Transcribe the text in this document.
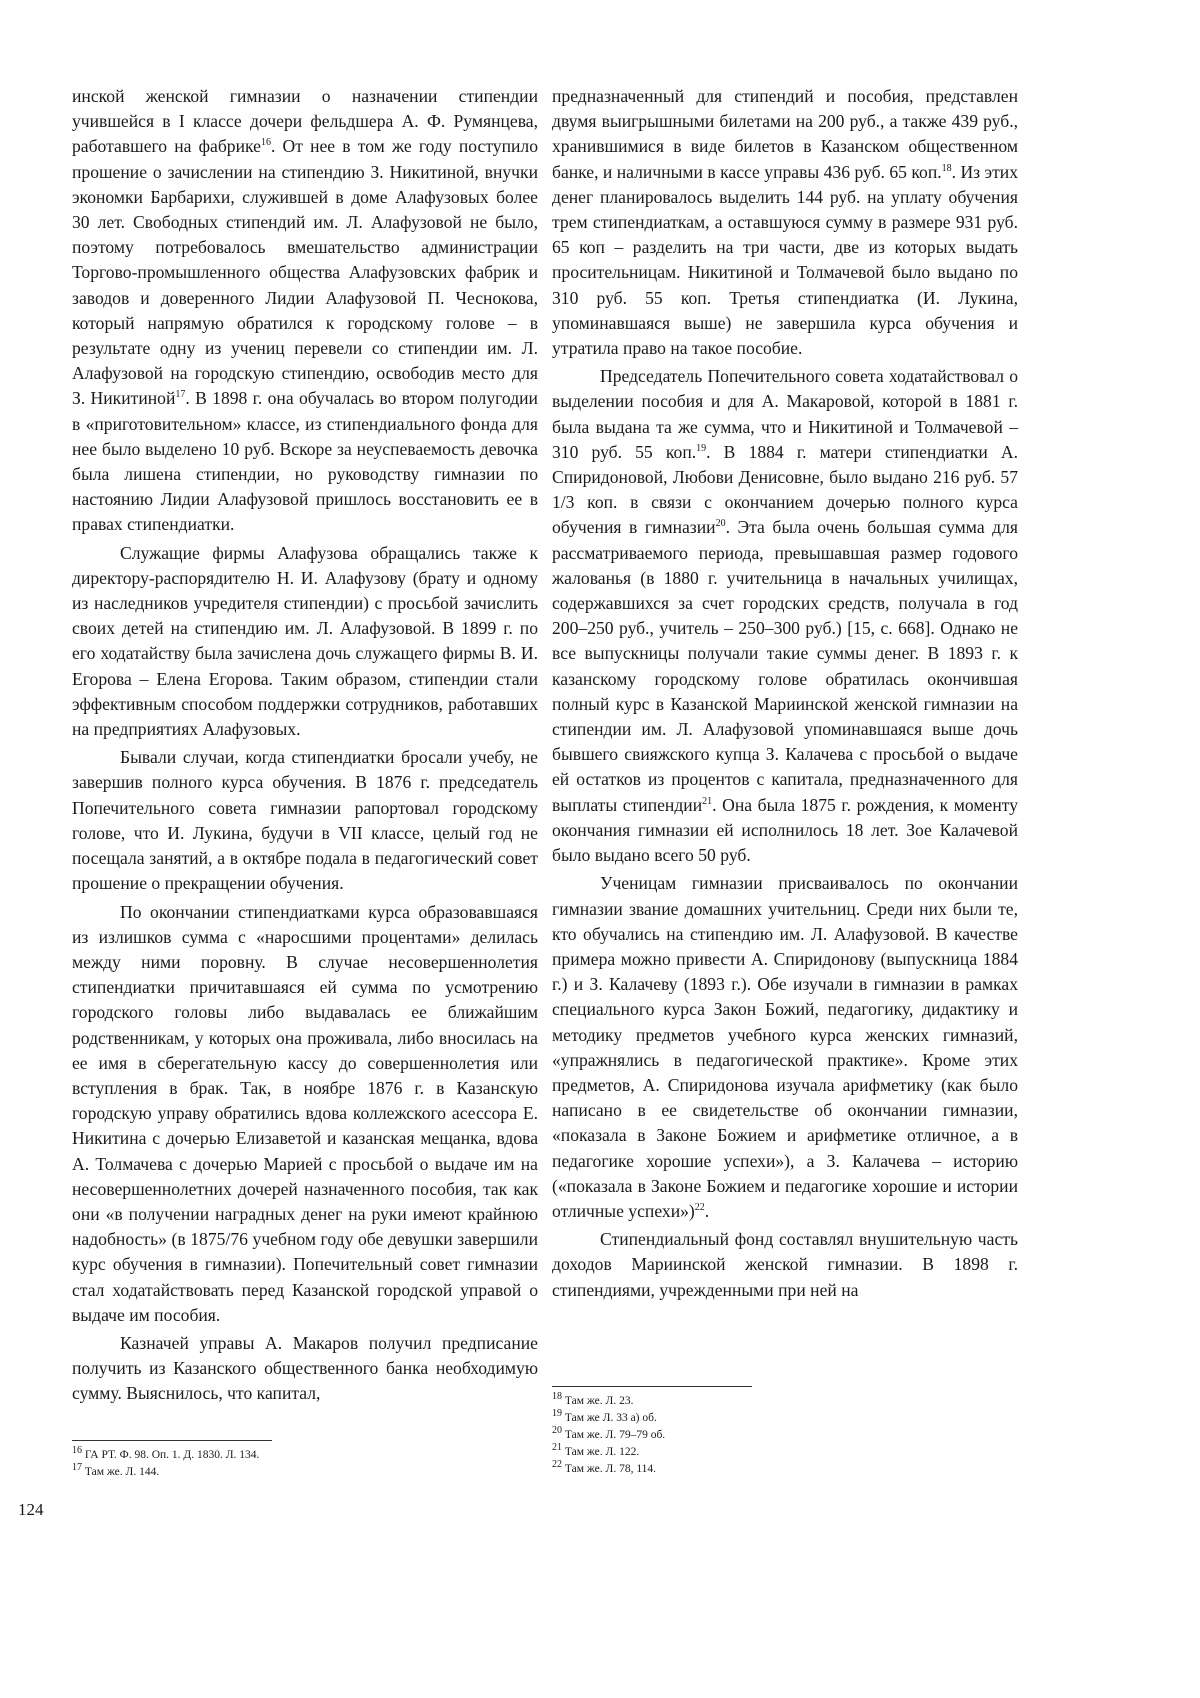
инской женской гимназии о назначении стипендии учившейся в I классе дочери фельдшера А. Ф. Румянцева, работавшего на фабрике$^{16}$. От нее в том же году поступило прошение о зачислении на стипендию З. Никитиной, внучки экономки Барбарихи, служившей в доме Алафузовых более 30 лет. Свободных стипендий им. Л. Алафузовой не было, поэтому потребовалось вмешательство администрации Торгово-промышленного общества Алафузовских фабрик и заводов и доверенного Лидии Алафузовой П. Чеснокова, который напрямую обратился к городскому голове – в результате одну из учениц перевели со стипендии им. Л. Алафузовой на городскую стипендию, освободив место для З. Никитиной$^{17}$. В 1898 г. она обучалась во втором полугодии в «приготовительном» классе, из стипендиального фонда для нее было выделено 10 руб. Вскоре за неуспеваемость девочка была лишена стипендии, но руководству гимназии по настоянию Лидии Алафузовой пришлось восстановить ее в правах стипендиатки.

Служащие фирмы Алафузова обращались также к директору-распорядителю Н. И. Алафузову (брату и одному из наследников учредителя стипендии) с просьбой зачислить своих детей на стипендию им. Л. Алафузовой. В 1899 г. по его ходатайству была зачислена дочь служащего фирмы В. И. Егорова – Елена Егорова. Таким образом, стипендии стали эффективным способом поддержки сотрудников, работавших на предприятиях Алафузовых.

Бывали случаи, когда стипендиатки бросали учебу, не завершив полного курса обучения. В 1876 г. председатель Попечительного совета гимназии рапортовал городскому голове, что И. Лукина, будучи в VII классе, целый год не посещала занятий, а в октябре подала в педагогический совет прошение о прекращении обучения.

По окончании стипендиатками курса образовавшаяся из излишков сумма с «наросшими процентами» делилась между ними поровну. В случае несовершеннолетия стипендиатки причитавшаяся ей сумма по усмотрению городского головы либо выдавалась ее ближайшим родственникам, у которых она проживала, либо вносилась на ее имя в сберегательную кассу до совершеннолетия или вступления в брак. Так, в ноябре 1876 г. в Казанскую городскую управу обратились вдова коллежского асессора Е. Никитина с дочерью Елизаветой и казанская мещанка, вдова А. Толмачева с дочерью Марией с просьбой о выдаче им на несовершеннолетних дочерей назначенного пособия, так как они «в получении наградных денег на руки имеют крайнюю надобность» (в 1875/76 учебном году обе девушки завершили курс обучения в гимназии). Попечительный совет гимназии стал ходатайствовать перед Казанской городской управой о выдаче им пособия.

Казначей управы А. Макаров получил предписание получить из Казанского общественного банка необходимую сумму. Выяснилось, что капитал,

предназначенный для стипендий и пособия, представлен двумя выигрышными билетами на 200 руб., а также 439 руб., хранившимися в виде билетов в Казанском общественном банке, и наличными в кассе управы 436 руб. 65 коп.$^{18}$. Из этих денег планировалось выделить 144 руб. на уплату обучения трем стипендиаткам, а оставшуюся сумму в размере 931 руб. 65 коп – разделить на три части, две из которых выдать просительницам. Никитиной и Толмачевой было выдано по 310 руб. 55 коп. Третья стипендиатка (И. Лукина, упоминавшаяся выше) не завершила курса обучения и утратила право на такое пособие.

Председатель Попечительного совета ходатайствовал о выделении пособия и для А. Макаровой, которой в 1881 г. была выдана та же сумма, что и Никитиной и Толмачевой – 310 руб. 55 коп.$^{19}$. В 1884 г. матери стипендиатки А. Спиридоновой, Любови Денисовне, было выдано 216 руб. 57 1/3 коп. в связи с окончанием дочерью полного курса обучения в гимназии$^{20}$. Эта была очень большая сумма для рассматриваемого периода, превышавшая размер годового жалованья (в 1880 г. учительница в начальных училищах, содержавшихся за счет городских средств, получала в год 200–250 руб., учитель – 250–300 руб.) [15, с. 668]. Однако не все выпускницы получали такие суммы денег. В 1893 г. к казанскому городскому голове обратилась окончившая полный курс в Казанской Мариинской женской гимназии на стипендии им. Л. Алафузовой упоминавшаяся выше дочь бывшего свияжского купца З. Калачева с просьбой о выдаче ей остатков из процентов с капитала, предназначенного для выплаты стипендии$^{21}$. Она была 1875 г. рождения, к моменту окончания гимназии ей исполнилось 18 лет. Зое Калачевой было выдано всего 50 руб.

Ученицам гимназии присваивалось по окончании гимназии звание домашних учительниц. Среди них были те, кто обучались на стипендию им. Л. Алафузовой. В качестве примера можно привести А. Спиридонову (выпускница 1884 г.) и З. Калачеву (1893 г.). Обе изучали в гимназии в рамках специального курса Закон Божий, педагогику, дидактику и методику предметов учебного курса женских гимназий, «упражнялись в педагогической практике». Кроме этих предметов, А. Спиридонова изучала арифметику (как было написано в ее свидетельстве об окончании гимназии, «показала в Законе Божием и арифметике отличное, а в педагогике хорошие успехи»), а З. Калачева – историю («показала в Законе Божием и педагогике хорошие и истории отличные успехи»)$^{22}$.

Стипендиальный фонд составлял внушительную часть доходов Мариинской женской гимназии. В 1898 г. стипендиями, учрежденными при ней на

$^{16}$ ГА РТ. Ф. 98. Оп. 1. Д. 1830. Л. 134.
$^{17}$ Там же. Л. 144.
$^{18}$ Там же. Л. 23.
$^{19}$ Там же Л. 33 а) об.
$^{20}$ Там же. Л. 79–79 об.
$^{21}$ Там же. Л. 122.
$^{22}$ Там же. Л. 78, 114.
124
